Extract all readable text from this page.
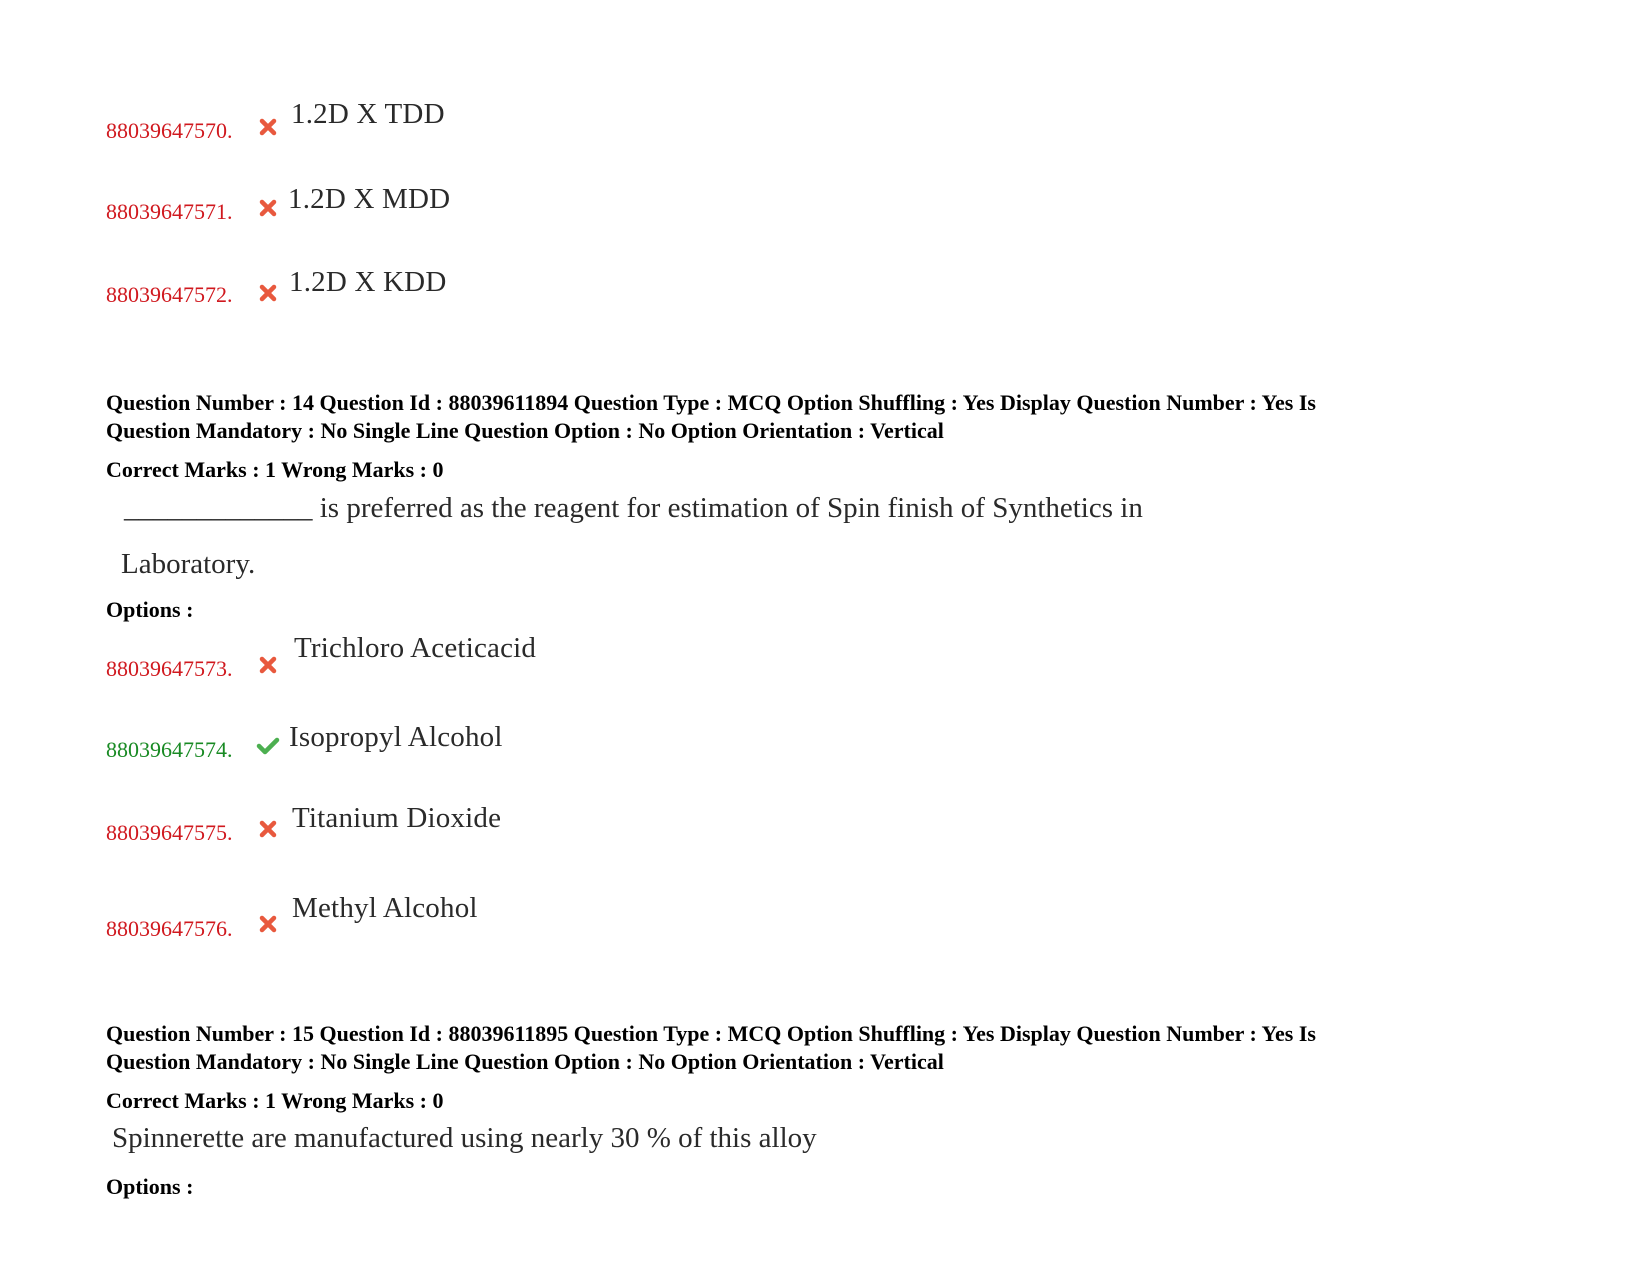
88039647570.
1.2D X TDD
88039647571. 1.2D X MDD
88039647572. 1.2D X KDD
Question Number : 14 Question Id : 88039611894 Question Type : MCQ Option Shuffling : Yes Display Question Number : Yes Is
Question Mandatory : No Single Line Question Option : No Option Orientation : Vertical
Correct Marks : 1 Wrong Marks : 0
_____________ is preferred as the reagent for estimation of Spin finish of Synthetics in
Laboratory.
Options :
88039647573.
Trichloro Aceticacid
88039647574. Isopropyl Alcohol
88039647575. Titanium Dioxide
88039647576.
Methyl Alcohol
Question Number : 15 Question Id : 88039611895 Question Type : MCQ Option Shuffling : Yes Display Question Number : Yes Is
Question Mandatory : No Single Line Question Option : No Option Orientation : Vertical
Correct Marks : 1 Wrong Marks : 0
Spinnerette are manufactured using nearly 30 % of this alloy
Options :
